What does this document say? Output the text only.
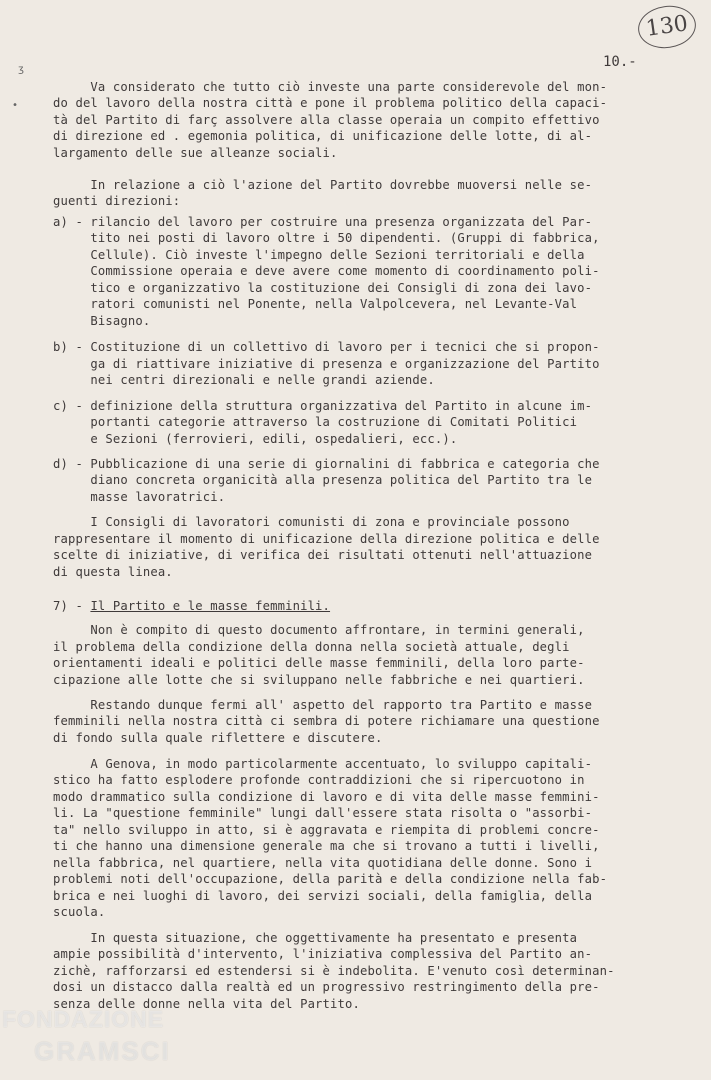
130
10.-
ʒ
•
Va considerato che tutto ciò investe una parte considerevole del mon-
do del lavoro della nostra città e pone il problema politico della capaci-
tà del Partito di farç assolvere alla classe operaia un compito effettivo
di direzione ed . egemonia politica, di unificazione delle lotte, di al-
largamento delle sue alleanze sociali.
In relazione a ciò l'azione del Partito dovrebbe muoversi nelle se-
guenti direzioni:
a) - rilancio del lavoro per costruire una presenza organizzata del Par-
tito nei posti di lavoro oltre i 50 dipendenti. (Gruppi di fabbrica,
Cellule). Ciò investe l'impegno delle Sezioni territoriali e della
Commissione operaia e deve avere come momento di coordinamento poli-
tico e organizzativo la costituzione dei Consigli di zona dei lavo-
ratori comunisti nel Ponente, nella Valpolcevera, nel Levante-Val
Bisagno.
b) - Costituzione di un collettivo di lavoro per i tecnici che si propon-
ga di riattivare iniziative di presenza e organizzazione del Partito
nei centri direzionali e nelle grandi aziende.
c) - definizione della struttura organizzativa del Partito in alcune im-
portanti categorie attraverso la costruzione di Comitati Politici
e Sezioni (ferrovieri, edili, ospedalieri, ecc.).
d) - Pubblicazione di una serie di giornalini di fabbrica e categoria che
diano concreta organicità alla presenza politica del Partito tra le
masse lavoratrici.
I Consigli di lavoratori comunisti di zona e provinciale possono
rappresentare il momento di unificazione della direzione politica e delle
scelte di iniziative, di verifica dei risultati ottenuti nell'attuazione
di questa linea.
7) - Il Partito e le masse femminili.
Non è compito di questo documento affrontare, in termini generali,
il problema della condizione della donna nella società attuale, degli
orientamenti ideali e politici delle masse femminili, della loro parte-
cipazione alle lotte che si sviluppano nelle fabbriche e nei quartieri.
Restando dunque fermi all' aspetto del rapporto tra Partito e masse
femminili nella nostra città ci sembra di potere richiamare una questione
di fondo sulla quale riflettere e discutere.
A Genova, in modo particolarmente accentuato, lo sviluppo capitali-
stico ha fatto esplodere profonde contraddizioni che si ripercuotono in
modo drammatico sulla condizione di lavoro e di vita delle masse femmini-
li. La "questione femminile" lungi dall'essere stata risolta o "assorbi-
ta" nello sviluppo in atto, si è aggravata e riempita di problemi concre-
ti che hanno una dimensione generale ma che si trovano a tutti i livelli,
nella fabbrica, nel quartiere, nella vita quotidiana delle donne. Sono i
problemi noti dell'occupazione, della parità e della condizione nella fab-
brica e nei luoghi di lavoro, dei servizi sociali, della famiglia, della
scuola.
In questa situazione, che oggettivamente ha presentato e presenta
ampie possibilità d'intervento, l'iniziativa complessiva del Partito an-
zichè, rafforzarsi ed estendersi si è indebolita. E'venuto così determinan-
dosi un distacco dalla realtà ed un progressivo restringimento della pre-
senza delle donne nella vita del Partito.
FONDAZIONE
GRAMSCI
